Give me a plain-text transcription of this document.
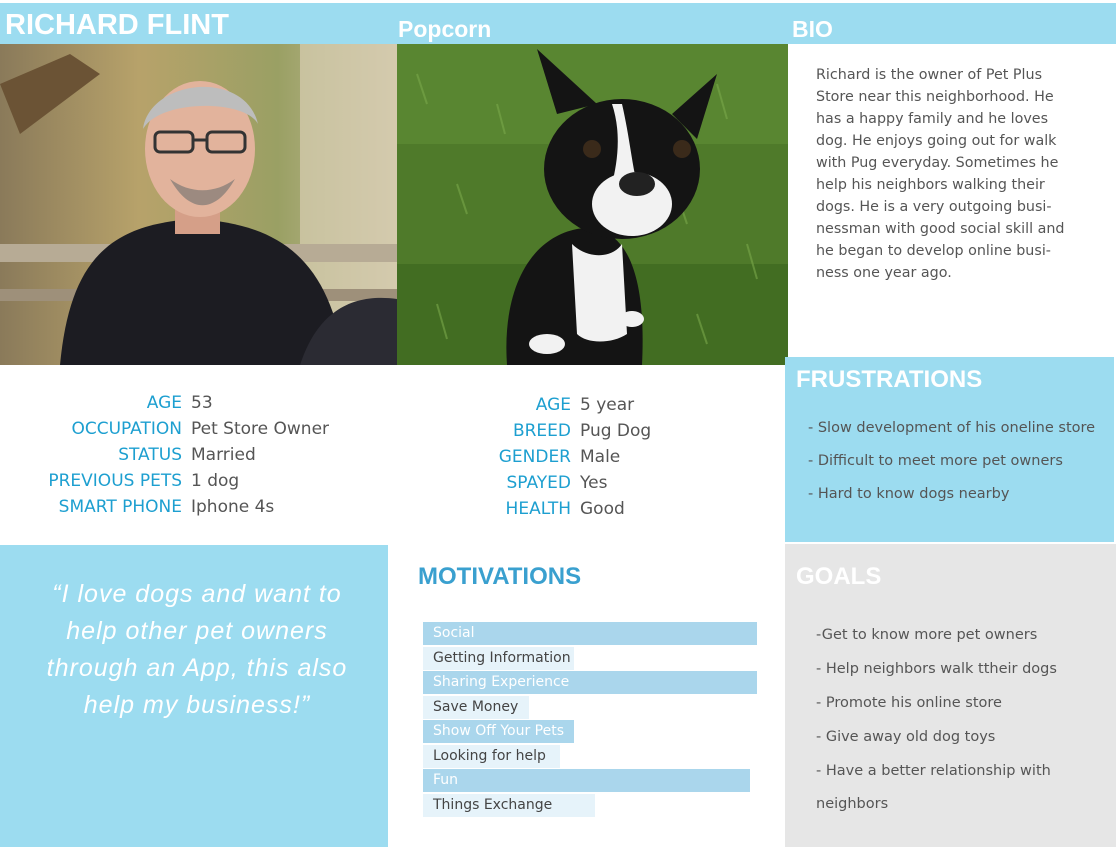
RICHARD FLINT	Popcorn	BIO
Richard is the owner of Pet Plus
Store near this neighborhood. He
has a happy family and he loves
dog. He enjoys going out for walk
with Pug everyday. Sometimes he
help his neighbors walking their
dogs. He is a very outgoing busi-
nessman with good social skill and
he began to develop online busi-
ness one year ago.
AGE 53
OCCUPATION Pet Store Owner
STATUS Married
PREVIOUS PETS 1 dog
SMART PHONE Iphone 4s
AGE 5 year
BREED Pug Dog
GENDER Male
SPAYED Yes
HEALTH Good
FRUSTRATIONS
- Slow development of his oneline store
- Difficult to meet more pet owners
- Hard to know dogs nearby
“I love dogs and want to
help other pet owners
through an App, this also
help my business!”
MOTIVATIONS
Social
Getting Information
Sharing Experience
Save Money
Show Off Your Pets
Looking for help
Fun
Things Exchange
GOALS
-Get to know more pet owners
- Help neighbors walk ttheir dogs
- Promote his online store
- Give away old dog toys
- Have a better relationship with
neighbors
